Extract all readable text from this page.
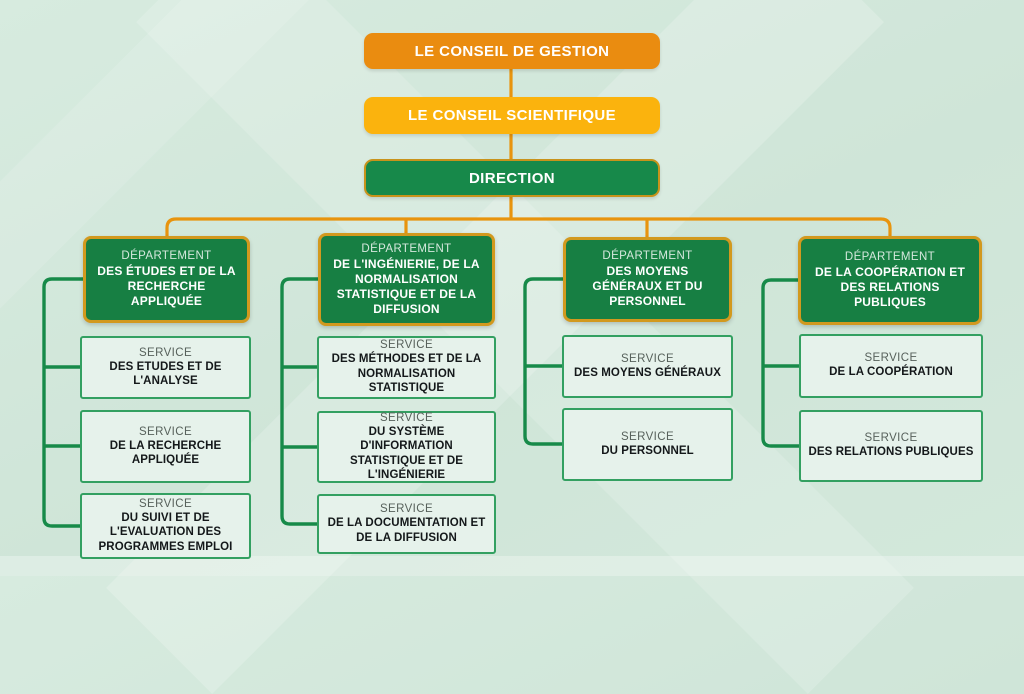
LE CONSEIL DE GESTION
LE CONSEIL SCIENTIFIQUE
DIRECTION
DÉPARTEMENT
DES ÉTUDES ET DE LA RECHERCHE APPLIQUÉE
SERVICE
DES ETUDES ET DE L'ANALYSE
SERVICE
DE LA RECHERCHE APPLIQUÉE
SERVICE
DU SUIVI ET DE L'EVALUATION DES PROGRAMMES EMPLOI
DÉPARTEMENT
DE L'INGÉNIERIE, DE LA NORMALISATION STATISTIQUE ET DE LA DIFFUSION
SERVICE
DES MÉTHODES ET DE LA NORMALISATION STATISTIQUE
SERVICE
DU SYSTÈME D'INFORMATION STATISTIQUE ET DE L'INGÉNIERIE
SERVICE
DE LA DOCUMENTATION ET DE LA DIFFUSION
DÉPARTEMENT
DES MOYENS GÉNÉRAUX ET DU PERSONNEL
SERVICE
DES MOYENS GÉNÉRAUX
SERVICE
DU PERSONNEL
DÉPARTEMENT
DE LA COOPÉRATION ET DES RELATIONS PUBLIQUES
SERVICE
DE LA COOPÉRATION
SERVICE
DES RELATIONS PUBLIQUES
